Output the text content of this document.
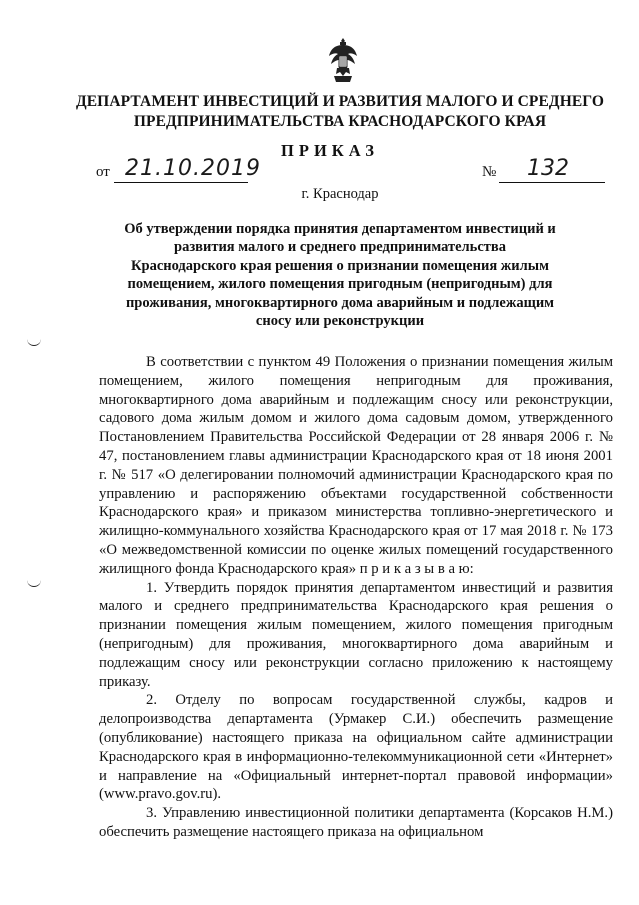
ДЕПАРТАМЕНТ ИНВЕСТИЦИЙ И РАЗВИТИЯ МАЛОГО И СРЕДНЕГО ПРЕДПРИНИМАТЕЛЬСТВА КРАСНОДАРСКОГО КРАЯ
ПРИКАЗ
от 21.10.2019	№ 132
г. Краснодар
Об утверждении порядка принятия департаментом инвестиций и развития малого и среднего предпринимательства Краснодарского края решения о признании помещения жилым помещением, жилого помещения пригодным (непригодным) для проживания, многоквартирного дома аварийным и подлежащим сносу или реконструкции

В соответствии с пунктом 49 Положения о признании помещения жилым помещением, жилого помещения непригодным для проживания, многоквартирного дома аварийным и подлежащим сносу или реконструкции, садового дома жилым домом и жилого дома садовым домом, утвержденного Постановлением Правительства Российской Федерации от 28 января 2006 г. № 47, постановлением главы администрации Краснодарского края от 18 июня 2001 г. № 517 «О делегировании полномочий администрации Краснодарского края по управлению и распоряжению объектами государственной собственности Краснодарского края» и приказом министерства топливно-энергетического и жилищно-коммунального хозяйства Краснодарского края от 17 мая 2018 г. № 173 «О межведомственной комиссии по оценке жилых помещений государственного жилищного фонда Краснодарского края» п р и к а з ы в а ю:

1. Утвердить порядок принятия департаментом инвестиций и развития малого и среднего предпринимательства Краснодарского края решения о признании помещения жилым помещением, жилого помещения пригодным (непригодным) для проживания, многоквартирного дома аварийным и подлежащим сносу или реконструкции согласно приложению к настоящему приказу.

2. Отделу по вопросам государственной службы, кадров и делопроизводства департамента (Урмакер С.И.) обеспечить размещение (опубликование) настоящего приказа на официальном сайте администрации Краснодарского края в информационно-телекоммуникационной сети «Интернет» и направление на «Официальный интернет-портал правовой информации» (www.pravo.gov.ru).

3. Управлению инвестиционной политики департамента (Корсаков Н.М.) обеспечить размещение настоящего приказа на официальном
